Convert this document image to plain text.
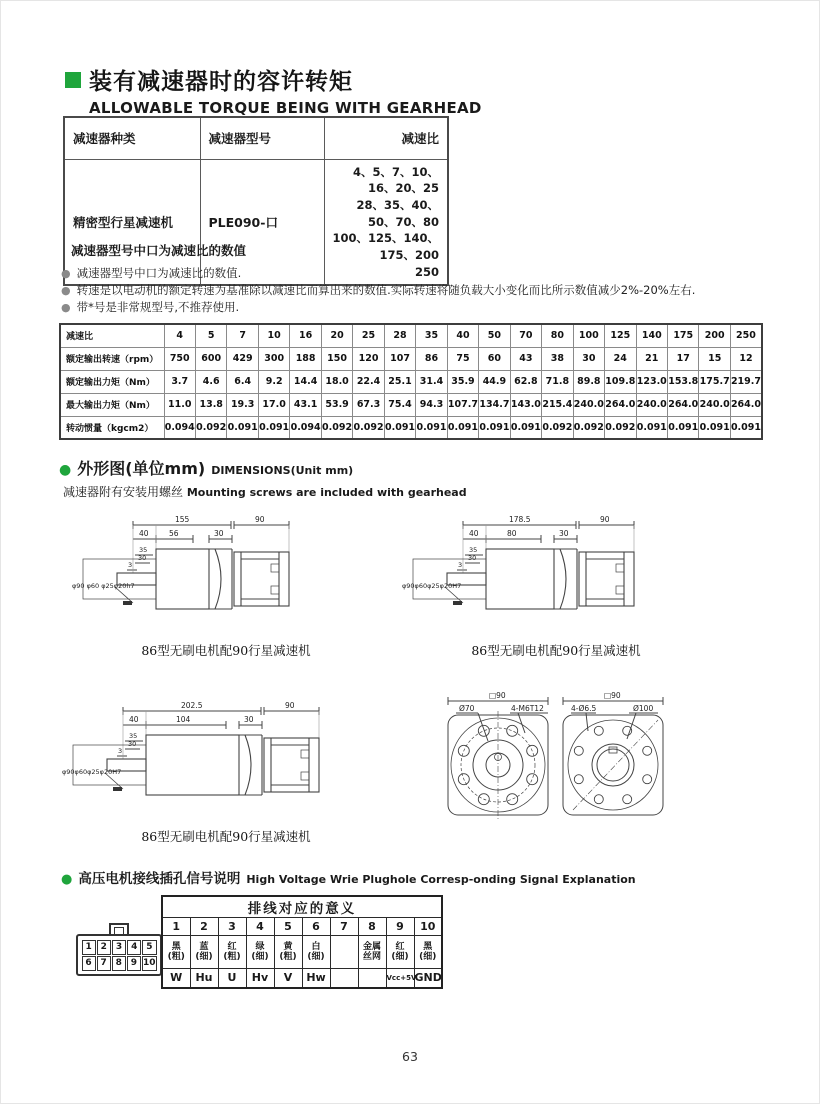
装有减速器时的容许转矩
ALLOWABLE TORQUE BEING WITH GEARHEAD
减速器种类	减速器型号	减速比
精密型行星减速机	PLE090-口	4、5、7、10、16、20、25
28、35、40、50、70、80
100、125、140、175、200
250
减速器型号中口为减速比的数值
● 减速器型号中口为减速比的数值.
● 转速是以电动机的额定转速为基准除以减速比而算出来的数值.实际转速将随负载大小变化而比所示数值减少2%-20%左右.
● 带*号是非常规型号,不推荐使用.
减速比	4	5	7	10	16	20	25	28	35	40	50	70	80	100	125	140	175	200	250
额定输出转速（rpm）	750	600	429	300	188	150	120	107	86	75	60	43	38	30	24	21	17	15	12
额定输出力矩（Nm）	3.7	4.6	6.4	9.2	14.4	18.0	22.4	25.1	31.4	35.9	44.9	62.8	71.8	89.8	109.8	123.0	153.8	175.7	219.7
最大输出力矩（Nm）	11.0	13.8	19.3	17.0	43.1	53.9	67.3	75.4	94.3	107.7	134.7	143.0	215.4	240.0	264.0	240.0	264.0	240.0	264.0
转动惯量（kgcm2）	0.094	0.092	0.091	0.091	0.094	0.092	0.092	0.091	0.091	0.091	0.091	0.091	0.092	0.092	0.092	0.091	0.091	0.091	0.091
● 外形图(单位mm) DIMENSIONS(Unit mm)
减速器附有安装用螺丝 Mounting screws are included with gearhead
155	90
40	56	30
35
30
3
φ90 φ60 φ25φ20h7
86型无刷电机配90行星减速机
178.5	90
40	80	30
35
30
3
φ90φ60φ25φ20H7
86型无刷电机配90行星减速机
202.5	90
40	104	30
35
30
3
φ90φ60φ25φ20H7
86型无刷电机配90行星减速机
□90
Ø70	4-M6T12
□90
4-Ø6.5	Ø100
● 高压电机接线插孔信号说明 High Voltage Wrie Plughole Corresp-onding Signal Explanation
1 2 3 4 5
6 7 8 9 10
排线对应的意义									
1	2	3	4	5	6	7	8	9	10
黑(粗)	蓝(细)	红(粗)	绿(细)	黄(粗)	白(细)		金属丝网	红(细)	黑(细)
W	Hu	U	Hv	V	Hw			Vcc+5V	GND
63
